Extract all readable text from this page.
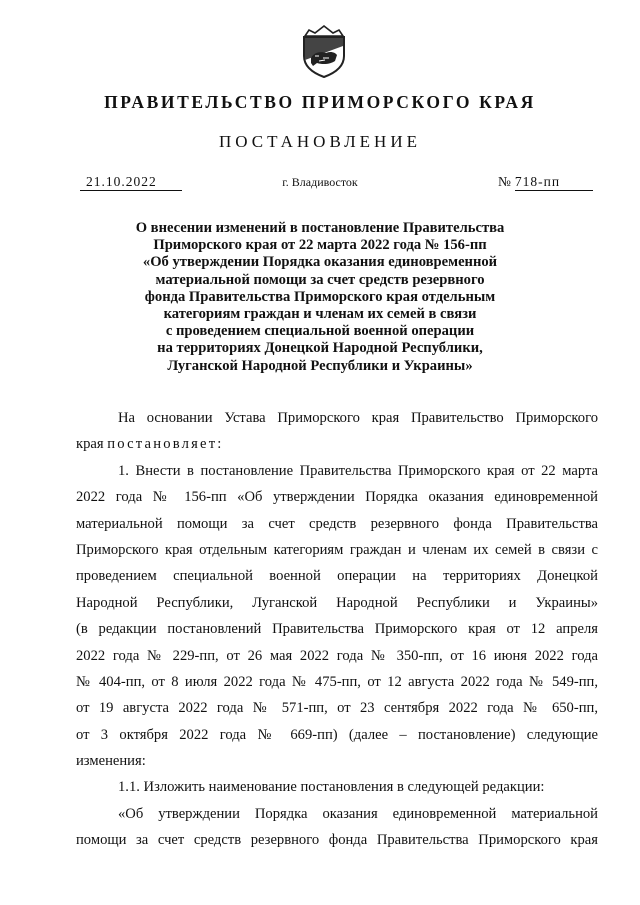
ПРАВИТЕЛЬСТВО ПРИМОРСКОГО КРАЯ
ПОСТАНОВЛЕНИЕ
21.10.2022	г. Владивосток	№ 718-пп
О внесении изменений в постановление Правительства
Приморского края от 22 марта 2022 года № 156-пп
«Об утверждении Порядка оказания единовременной
материальной помощи за счет средств резервного
фонда Правительства Приморского края отдельным
категориям граждан и членам их семей в связи
с проведением специальной военной операции
на территориях Донецкой Народной Республики,
Луганской Народной Республики и Украины»
На основании Устава Приморского края Правительство Приморского
края постановляет:
1. Внести в постановление Правительства Приморского края от 22 марта
2022 года № 156-пп «Об утверждении Порядка оказания единовременной
материальной помощи за счет средств резервного фонда Правительства
Приморского края отдельным категориям граждан и членам их семей в связи с
проведением специальной военной операции на территориях Донецкой
Народной Республики, Луганской Народной Республики и Украины»
(в редакции постановлений Правительства Приморского края от 12 апреля
2022 года № 229-пп, от 26 мая 2022 года № 350-пп, от 16 июня 2022 года
№ 404-пп, от 8 июля 2022 года № 475-пп, от 12 августа 2022 года № 549-пп,
от 19 августа 2022 года № 571-пп, от 23 сентября 2022 года № 650-пп,
от 3 октября 2022 года № 669-пп) (далее – постановление) следующие
изменения:
1.1. Изложить наименование постановления в следующей редакции:
«Об утверждении Порядка оказания единовременной материальной
помощи за счет средств резервного фонда Правительства Приморского края
